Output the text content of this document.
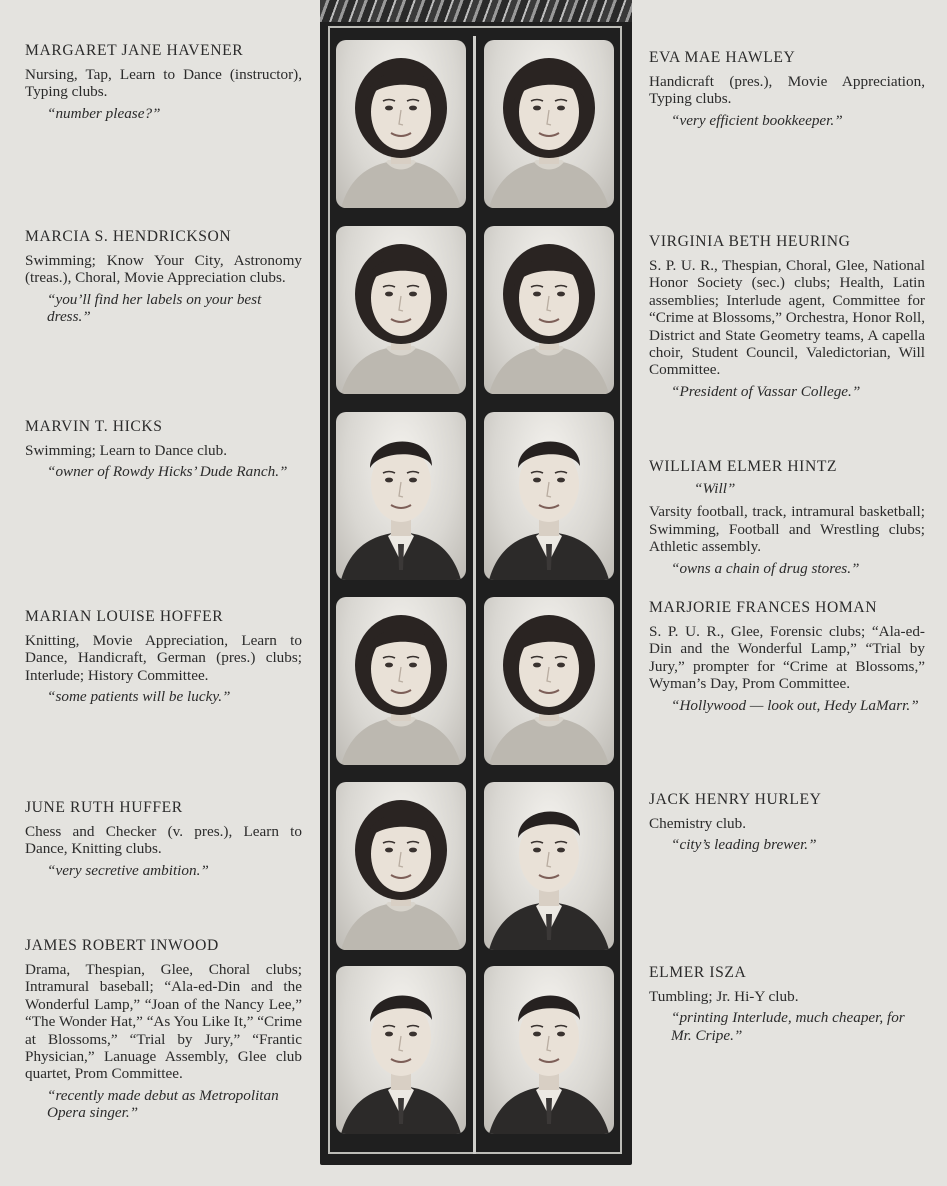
MARGARET JANE HAVENER
Nursing, Tap, Learn to Dance (instructor), Typing clubs.
“number please?”
MARCIA S. HENDRICKSON
Swimming; Know Your City, Astronomy (treas.), Choral, Movie Appreciation clubs.
“you’ll find her labels on your best dress.”
MARVIN T. HICKS
Swimming; Learn to Dance club.
“owner of Rowdy Hicks’ Dude Ranch.”
MARIAN LOUISE HOFFER
Knitting, Movie Appreciation, Learn to Dance, Handicraft, German (pres.) clubs; Interlude; History Committee.
“some patients will be lucky.”
JUNE RUTH HUFFER
Chess and Checker (v. pres.), Learn to Dance, Knitting clubs.
“very secretive ambition.”
JAMES ROBERT INWOOD
Drama, Thespian, Glee, Choral clubs; Intramural baseball; “Ala-ed-Din and the Wonderful Lamp,” “Joan of the Nancy Lee,” “The Wonder Hat,” “As You Like It,” “Crime at Blossoms,” “Trial by Jury,” “Frantic Physician,” Lanuage Assembly, Glee club quartet, Prom Committee.
“recently made debut as Metropolitan Opera singer.”
EVA MAE HAWLEY
Handicraft (pres.), Movie Appreciation, Typing clubs.
“very efficient bookkeeper.”
VIRGINIA BETH HEURING
S. P. U. R., Thespian, Choral, Glee, National Honor Society (sec.) clubs; Health, Latin assemblies; Interlude agent, Committee for “Crime at Blossoms,” Orchestra, Honor Roll, District and State Geometry teams, A capella choir, Student Council, Valedictorian, Will Committee.
“President of Vassar College.”
WILLIAM ELMER HINTZ
“Will”
Varsity football, track, intramural basketball; Swimming, Football and Wrestling clubs; Athletic assembly.
“owns a chain of drug stores.”
MARJORIE FRANCES HOMAN
S. P. U. R., Glee, Forensic clubs; “Ala-ed-Din and the Wonderful Lamp,” “Trial by Jury,” prompter for “Crime at Blossoms,” Wyman’s Day, Prom Committee.
“Hollywood — look out, Hedy LaMarr.”
JACK HENRY HURLEY
Chemistry club.
“city’s leading brewer.”
ELMER ISZA
Tumbling; Jr. Hi-Y club.
“printing Interlude, much cheaper, for Mr. Cripe.”
